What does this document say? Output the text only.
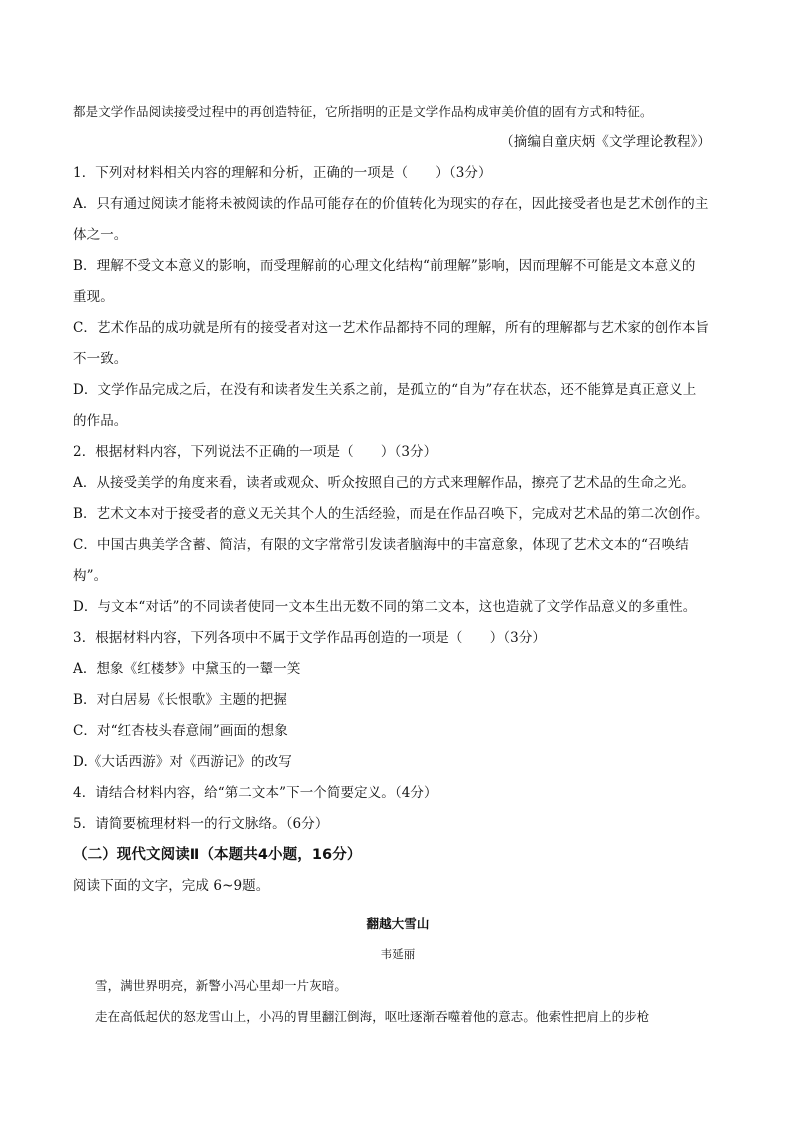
都是文学作品阅读接受过程中的再创造特征，它所指明的正是文学作品构成审美价值的固有方式和特征。
（摘编自童庆炳《文学理论教程》）
1．下列对材料相关内容的理解和分析，正确的一项是（　　）（3分）
A．只有通过阅读才能将未被阅读的作品可能存在的价值转化为现实的存在，因此接受者也是艺术创作的主
体之一。
B．理解不受文本意义的影响，而受理解前的心理文化结构“前理解”影响，因而理解不可能是文本意义的
重现。
C．艺术作品的成功就是所有的接受者对这一艺术作品都持不同的理解，所有的理解都与艺术家的创作本旨
不一致。
D．文学作品完成之后，在没有和读者发生关系之前，是孤立的“自为”存在状态，还不能算是真正意义上
的作品。
2．根据材料内容，下列说法不正确的一项是（　　）（3分）
A．从接受美学的角度来看，读者或观众、听众按照自己的方式来理解作品，擦亮了艺术品的生命之光。
B．艺术文本对于接受者的意义无关其个人的生活经验，而是在作品召唤下，完成对艺术品的第二次创作。
C．中国古典美学含蓄、简洁，有限的文字常常引发读者脑海中的丰富意象，体现了艺术文本的“召唤结
构”。
D．与文本“对话”的不同读者使同一文本生出无数不同的第二文本，这也造就了文学作品意义的多重性。
3．根据材料内容，下列各项中不属于文学作品再创造的一项是（　　）（3分）
A．想象《红楼梦》中黛玉的一颦一笑
B．对白居易《长恨歌》主题的把握
C．对“红杏枝头春意闹”画面的想象
D.《大话西游》对《西游记》的改写
4．请结合材料内容，给“第二文本”下一个简要定义。（4分）
5．请简要梳理材料一的行文脉络。（6分）
（二）现代文阅读Ⅱ（本题共4小题，16分）
阅读下面的文字，完成 6~9题。
翻越大雪山
韦延丽
雪，满世界明亮，新警小冯心里却一片灰暗。
走在高低起伏的怒龙雪山上，小冯的胃里翻江倒海，呕吐逐渐吞噬着他的意志。他索性把肩上的步枪
